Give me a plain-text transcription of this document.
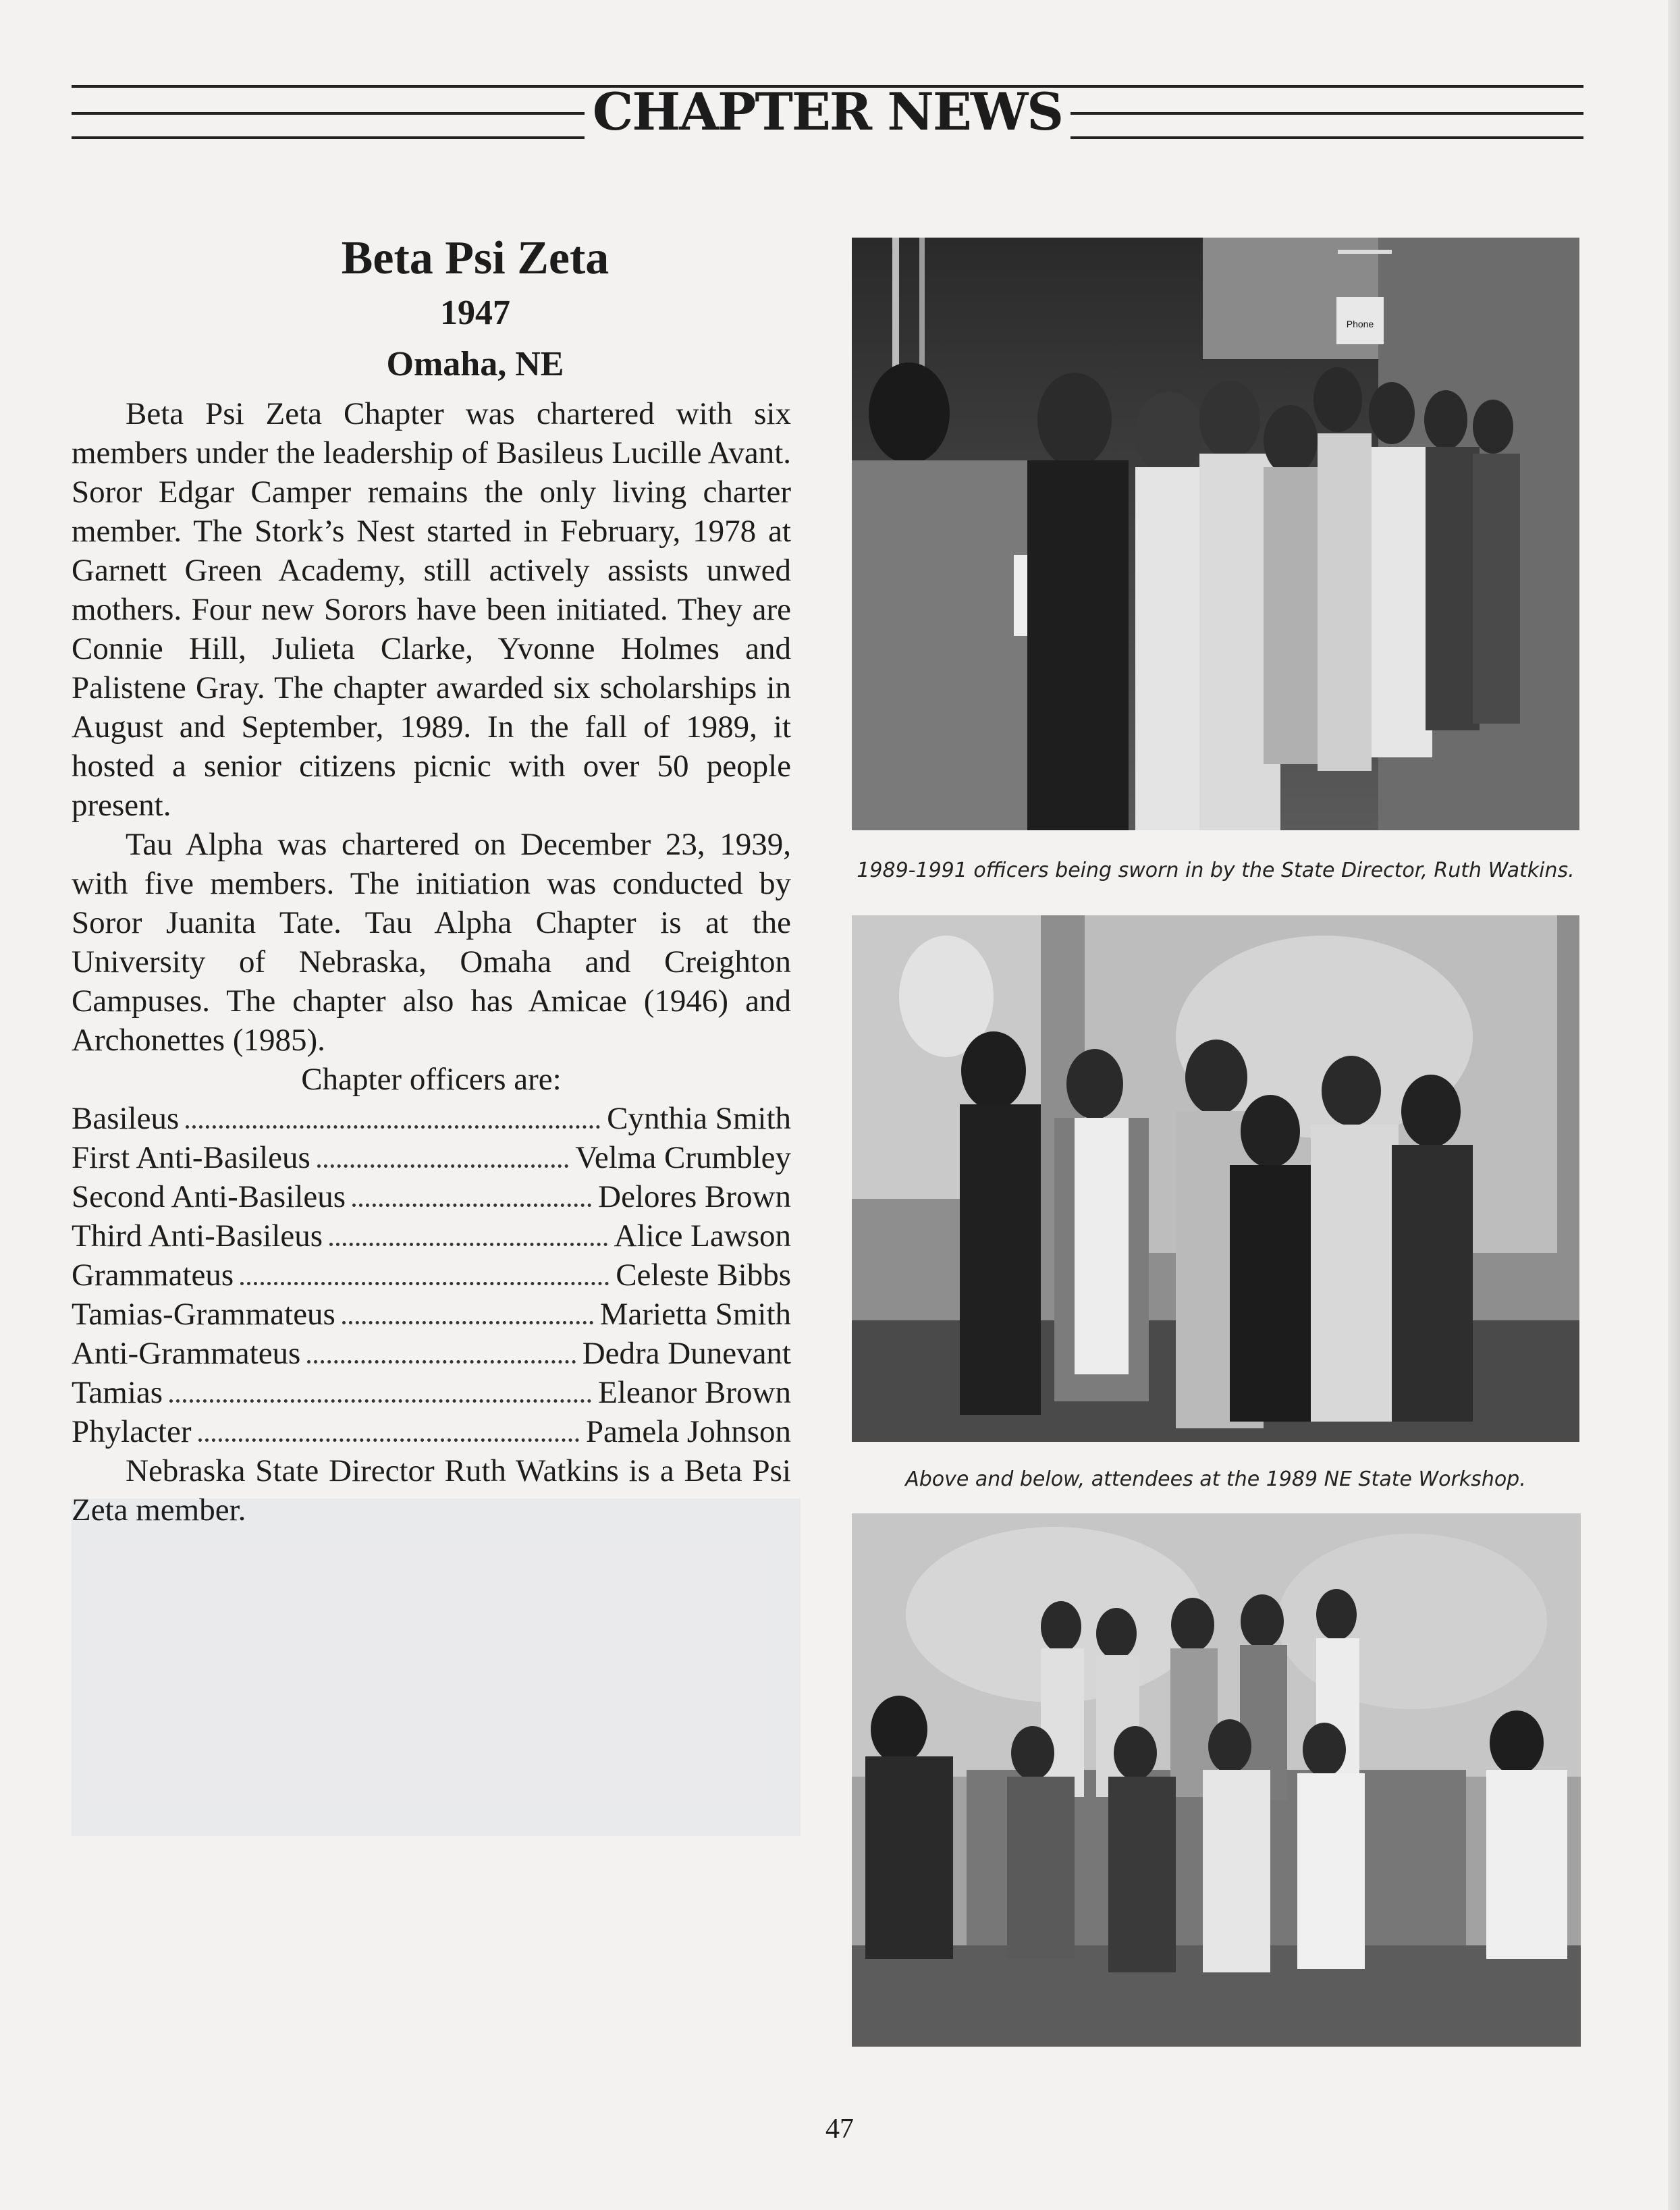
CHAPTER NEWS
Beta Psi Zeta
1947
Omaha, NE

Beta Psi Zeta Chapter was chartered with six members under the leadership of Basileus Lucille Avant. Soror Edgar Camper remains the only living charter member. The Stork’s Nest started in February, 1978 at Garnett Green Academy, still actively assists unwed mothers. Four new Sorors have been initiated. They are Connie Hill, Julieta Clarke, Yvonne Holmes and Palistene Gray. The chapter awarded six scholarships in August and September, 1989. In the fall of 1989, it hosted a senior citizens picnic with over 50 people present.

Tau Alpha was chartered on December 23, 1939, with five members. The initiation was conducted by Soror Juanita Tate. Tau Alpha Chapter is at the University of Nebraska, Omaha and Creighton Campuses. The chapter also has Amicae (1946) and Archonettes (1985).

Chapter officers are:

Basileus	Cynthia Smith
First Anti-Basileus	Velma Crumbley
Second Anti-Basileus	Delores Brown
Third Anti-Basileus	Alice Lawson
Grammateus	Celeste Bibbs
Tamias-Grammateus	Marietta Smith
Anti-Grammateus	Dedra Dunevant
Tamias	Eleanor Brown
Phylacter	Pamela Johnson

Nebraska State Director Ruth Watkins is a Beta Psi Zeta member.

Phone
1989-1991 officers being sworn in by the State Director, Ruth Watkins.
Above and below, attendees at the 1989 NE State Workshop.
47
